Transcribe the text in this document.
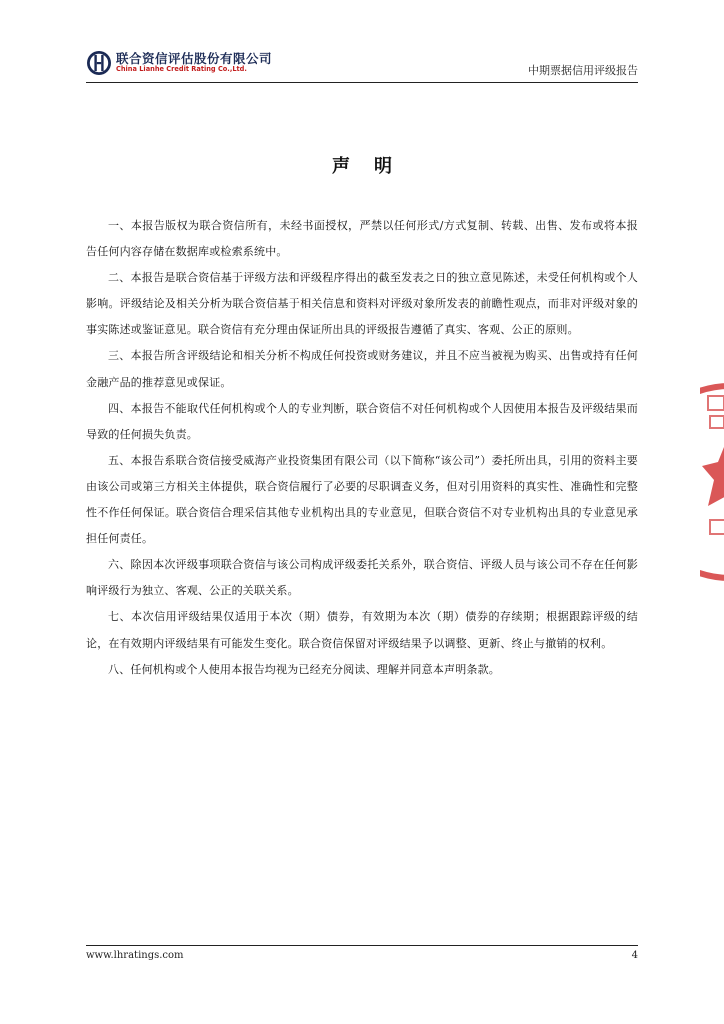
联合资信评估股份有限公司
China Lianhe Credit Rating Co.,Ltd.	中期票据信用评级报告
声明

一、本报告版权为联合资信所有，未经书面授权，严禁以任何形式/方式复制、转载、出售、发布或将本报告任何内容存储在数据库或检索系统中。

二、本报告是联合资信基于评级方法和评级程序得出的截至发表之日的独立意见陈述，未受任何机构或个人影响。评级结论及相关分析为联合资信基于相关信息和资料对评级对象所发表的前瞻性观点，而非对评级对象的事实陈述或鉴证意见。联合资信有充分理由保证所出具的评级报告遵循了真实、客观、公正的原则。

三、本报告所含评级结论和相关分析不构成任何投资或财务建议，并且不应当被视为购买、出售或持有任何金融产品的推荐意见或保证。

四、本报告不能取代任何机构或个人的专业判断，联合资信不对任何机构或个人因使用本报告及评级结果而导致的任何损失负责。

五、本报告系联合资信接受威海产业投资集团有限公司（以下简称“该公司”）委托所出具，引用的资料主要由该公司或第三方相关主体提供，联合资信履行了必要的尽职调查义务，但对引用资料的真实性、准确性和完整性不作任何保证。联合资信合理采信其他专业机构出具的专业意见，但联合资信不对专业机构出具的专业意见承担任何责任。

六、除因本次评级事项联合资信与该公司构成评级委托关系外，联合资信、评级人员与该公司不存在任何影响评级行为独立、客观、公正的关联关系。

七、本次信用评级结果仅适用于本次（期）债券，有效期为本次（期）债券的存续期；根据跟踪评级的结论，在有效期内评级结果有可能发生变化。联合资信保留对评级结果予以调整、更新、终止与撤销的权利。

八、任何机构或个人使用本报告均视为已经充分阅读、理解并同意本声明条款。

www.lhratings.com	4
